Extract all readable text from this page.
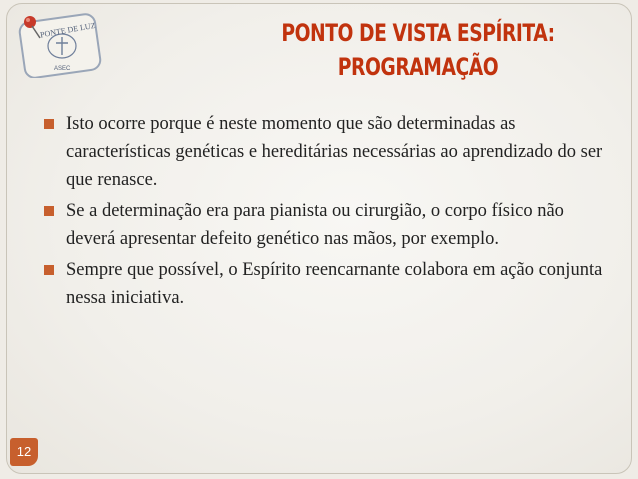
PONTE DE LUZ
ASEC
PONTO DE VISTA ESPÍRITA:
PROGRAMAÇÃO
Isto ocorre porque é neste momento que são determinadas as características genéticas e hereditárias necessárias ao aprendizado do ser que renasce.
Se a determinação era para pianista ou cirurgião, o corpo físico não deverá apresentar defeito genético nas mãos, por exemplo.
Sempre que possível, o Espírito reencarnante colabora em ação conjunta nessa iniciativa.
12
